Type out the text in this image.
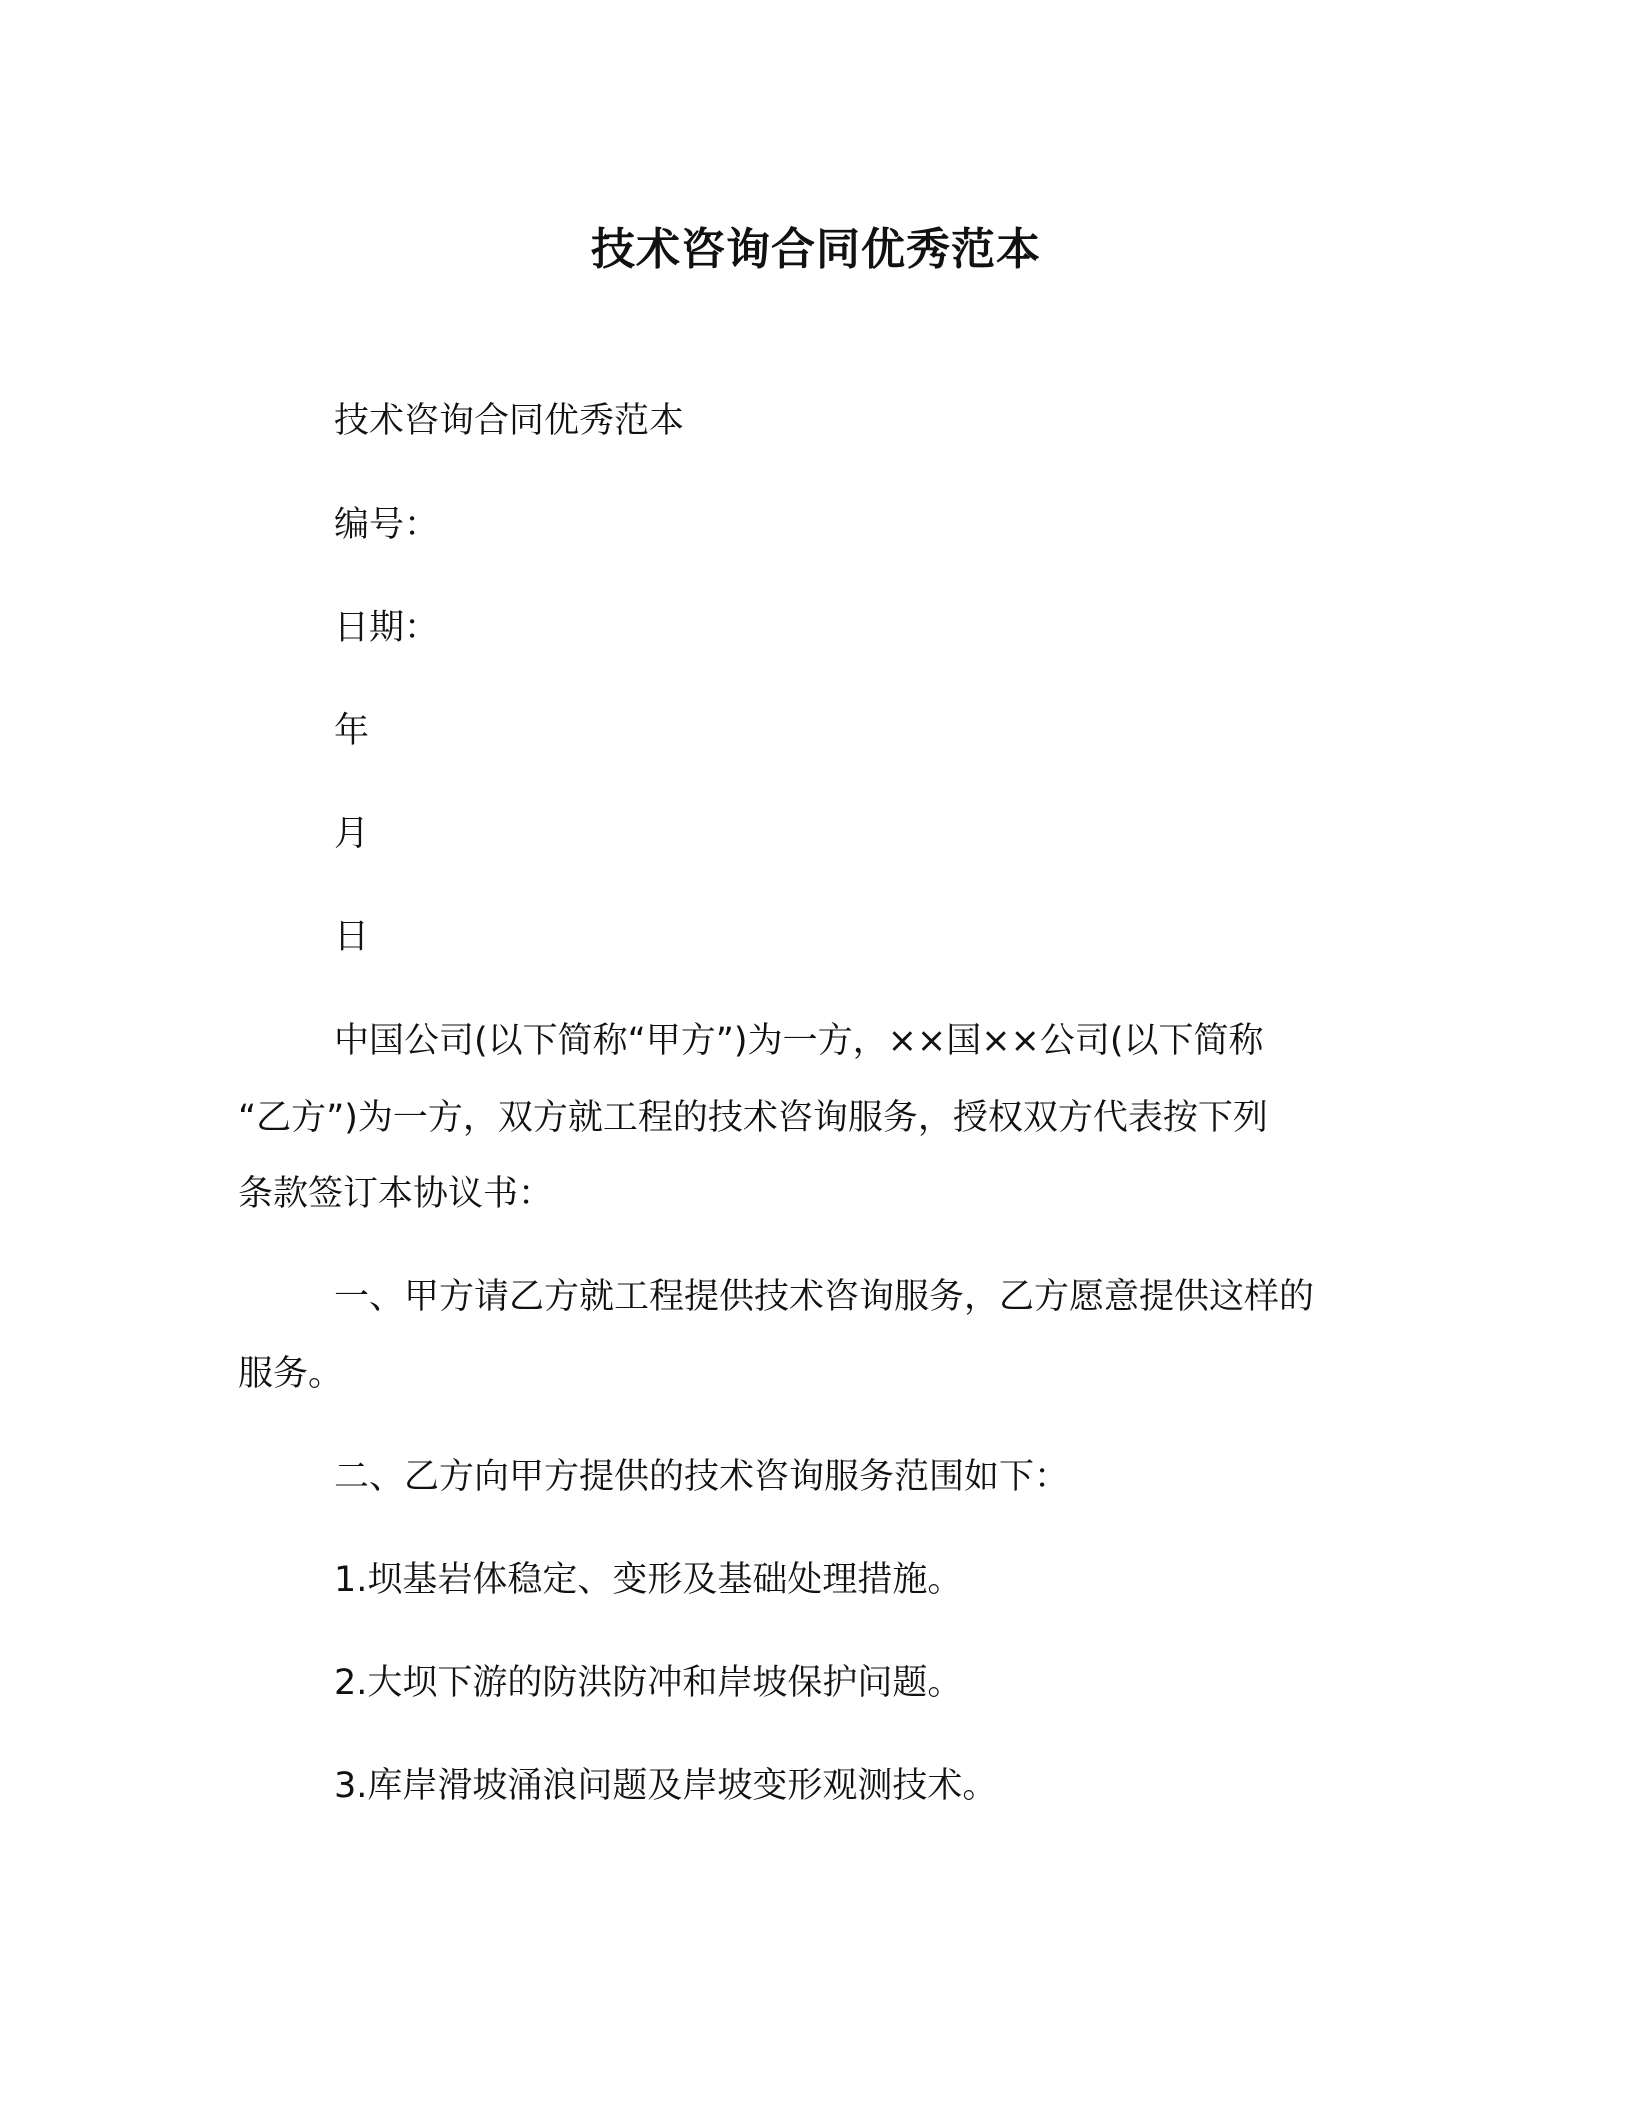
技术咨询合同优秀范本
技术咨询合同优秀范本
编号：
日期：
年
月
日
中国公司(以下简称“甲方”)为一方，××国××公司(以下简称
“乙方”)为一方，双方就工程的技术咨询服务，授权双方代表按下列
条款签订本协议书：
一、甲方请乙方就工程提供技术咨询服务，乙方愿意提供这样的
服务。
二、乙方向甲方提供的技术咨询服务范围如下：
1.坝基岩体稳定、变形及基础处理措施。
2.大坝下游的防洪防冲和岸坡保护问题。
3.库岸滑坡涌浪问题及岸坡变形观测技术。
